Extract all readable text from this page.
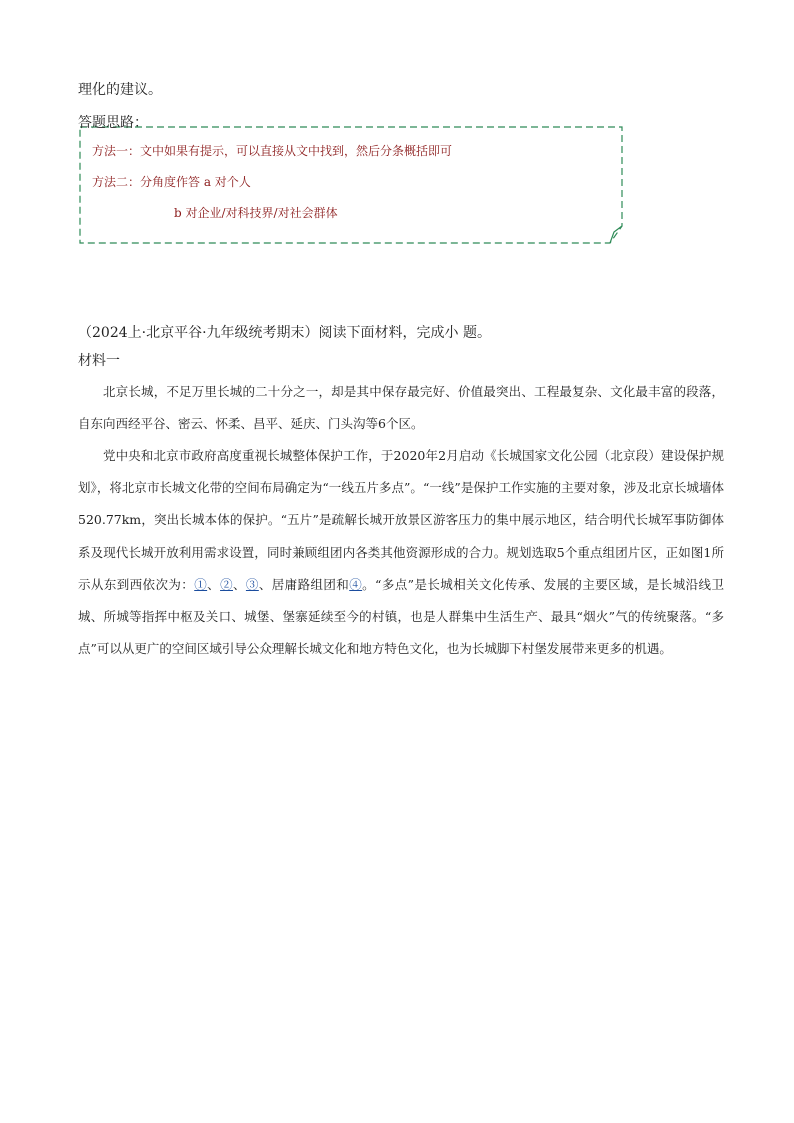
理化的建议。
答题思路：
方法一：文中如果有提示，可以直接从文中找到，然后分条概括即可
方法二：分角度作答 a 对个人
b 对企业/对科技界/对社会群体
（2024上·北京平谷·九年级统考期末）阅读下面材料，完成小 题。
材料一
北京长城，不足万里长城的二十分之一，却是其中保存最完好、价值最突出、工程最复杂、文化最丰富的段落，自东向西经平谷、密云、怀柔、昌平、延庆、门头沟等6个区。
党中央和北京市政府高度重视长城整体保护工作，于2020年2月启动《长城国家文化公园（北京段）建设保护规划》，将北京市长城文化带的空间布局确定为“一线五片多点”。“一线”是保护工作实施的主要对象，涉及北京长城墙体520.77km，突出长城本体的保护。“五片”是疏解长城开放景区游客压力的集中展示地区，结合明代长城军事防御体系及现代长城开放利用需求设置，同时兼顾组团内各类其他资源形成的合力。规划选取5个重点组团片区，正如图1所示从东到西依次为：①、②、③、居庸路组团和④。“多点”是长城相关文化传承、发展的主要区域，是长城沿线卫城、所城等指挥中枢及关口、城堡、堡寨延续至今的村镇，也是人群集中生活生产、最具“烟火”气的传统聚落。“多点”可以从更广的空间区域引导公众理解长城文化和地方特色文化，也为长城脚下村堡发展带来更多的机遇。
